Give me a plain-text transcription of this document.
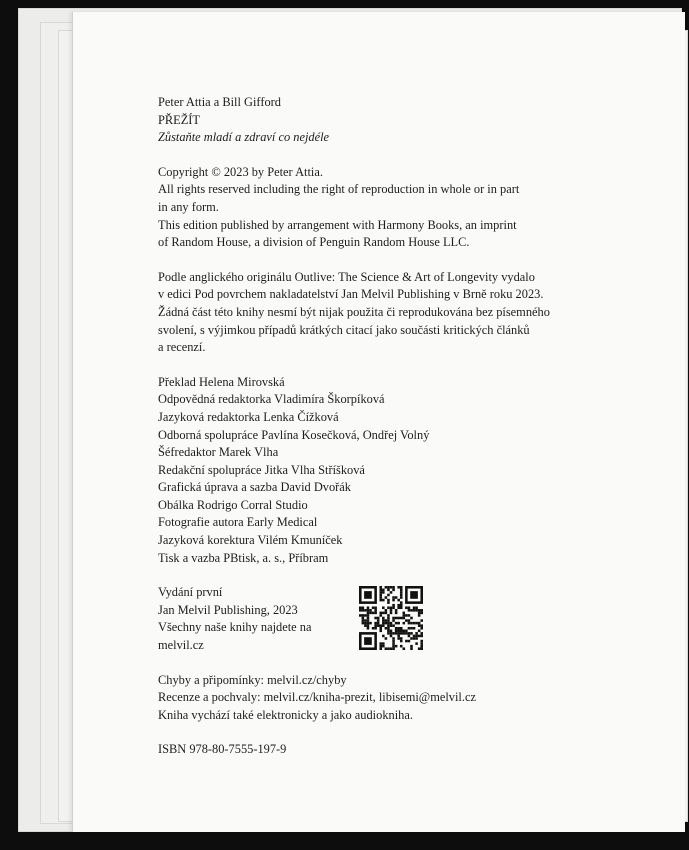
Peter Attia a Bill Gifford

PŘEŽÍT

Zůstaňte mladí a zdraví co nejdéle

Copyright © 2023 by Peter Attia.

All rights reserved including the right of reproduction in whole or in part

in any form.

This edition published by arrangement with Harmony Books, an imprint

of Random House, a division of Penguin Random House LLC.

Podle anglického originálu Outlive: The Science & Art of Longevity vydalo

v edici Pod povrchem nakladatelství Jan Melvil Publishing v Brně roku 2023.

Žádná část této knihy nesmí být nijak použita či reprodukována bez písemného

svolení, s výjimkou případů krátkých citací jako součásti kritických článků

a recenzí.

Překlad Helena Mirovská

Odpovědná redaktorka Vladimíra Škorpíková

Jazyková redaktorka Lenka Čížková

Odborná spolupráce Pavlína Kosečková, Ondřej Volný

Šéfredaktor Marek Vlha

Redakční spolupráce Jitka Vlha Stříšková

Grafická úprava a sazba David Dvořák

Obálka Rodrigo Corral Studio

Fotografie autora Early Medical

Jazyková korektura Vilém Kmuníček

Tisk a vazba PBtisk, a. s., Příbram

Vydání první

Jan Melvil Publishing, 2023

Všechny naše knihy najdete na

melvil.cz

Chyby a připomínky: melvil.cz/chyby

Recenze a pochvaly: melvil.cz/kniha-prezit, libisemi@melvil.cz

Kniha vychází také elektronicky a jako audiokniha.

ISBN 978-80-7555-197-9
